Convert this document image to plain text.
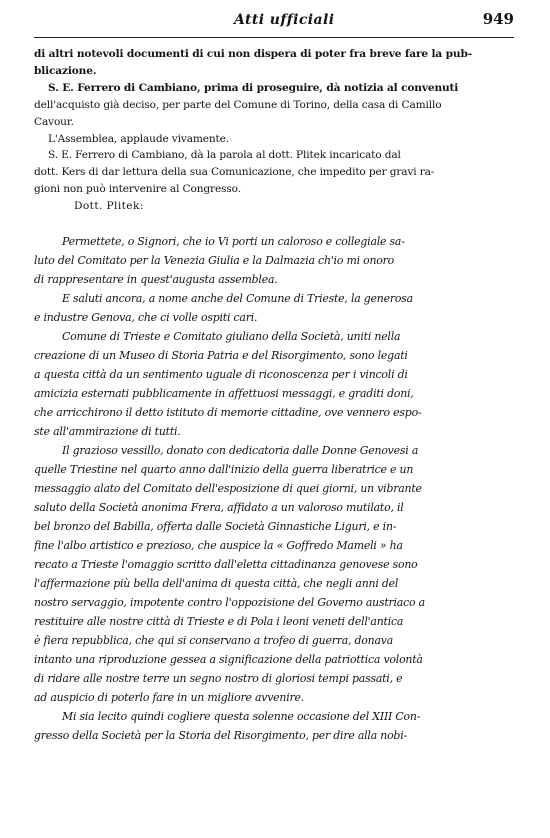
Atti ufficiali	949
di altri notevoli documenti di cui non dispera di poter fra breve fare la pub-
blicazione.
S. E. Ferrero di Cambiano, prima di proseguire, dà notizia al convenuti
dell'acquisto già deciso, per parte del Comune di Torino, della casa di Camillo
Cavour.
L'Assemblea, applaude vivamente.
S. E. Ferrero di Cambiano, dà la parola al dott. Plitek incaricato dal
dott. Kers di dar lettura della sua Comunicazione, che impedito per gravi ra-
gioni non può intervenire al Congresso.
Dott. Plitek:
Permettete, o Signori, che io Vi porti un caloroso e collegiale sa-
luto del Comitato per la Venezia Giulia e la Dalmazia ch'io mi onoro
di rappresentare in quest'augusta assemblea.
E saluti ancora, a nome anche del Comune di Trieste, la generosa
e industre Genova, che ci volle ospiti cari.
Comune di Trieste e Comitato giuliano della Società, uniti nella
creazione di un Museo di Storia Patria e del Risorgimento, sono legati
a questa città da un sentimento uguale di riconoscenza per i vincoli di
amicizia esternati pubblicamente in affettuosi messaggi, e graditi doni,
che arricchirono il detto istituto di memorie cittadine, ove vennero espo-
ste all'ammirazione di tutti.
Il grazioso vessillo, donato con dedicatoria dalle Donne Genovesi a
quelle Triestine nel quarto anno dall'inizio della guerra liberatrice e un
messaggio alato del Comitato dell'esposizione di quei giorni, un vibrante
saluto della Società anonima Frera, affidato a un valoroso mutilato, il
bel bronzo del Babilla, offerta dalle Società Ginnastiche Liguri, e in-
fine l'albo artistico e prezioso, che auspice la « Goffredo Mameli » ha
recato a Trieste l'omaggio scritto dall'eletta cittadinanza genovese sono
l'affermazione più bella dell'anima di questa città, che negli anni del
nostro servaggio, impotente contro l'oppozisione del Governo austriaco a
restituire alle nostre città di Trieste e di Pola i leoni veneti dell'antica
è fiera repubblica, che qui si conservano a trofeo di guerra, donava
intanto una riproduzione gessea a significazione della patriottica volontà
di ridare alle nostre terre un segno nostro di gloriosi tempi passati, e
ad auspicio di poterlo fare in un migliore avvenire.
Mi sia lecito quindi cogliere questa solenne occasione del XIII Con-
gresso della Società per la Storia del Risorgimento, per dire alla nobi-
